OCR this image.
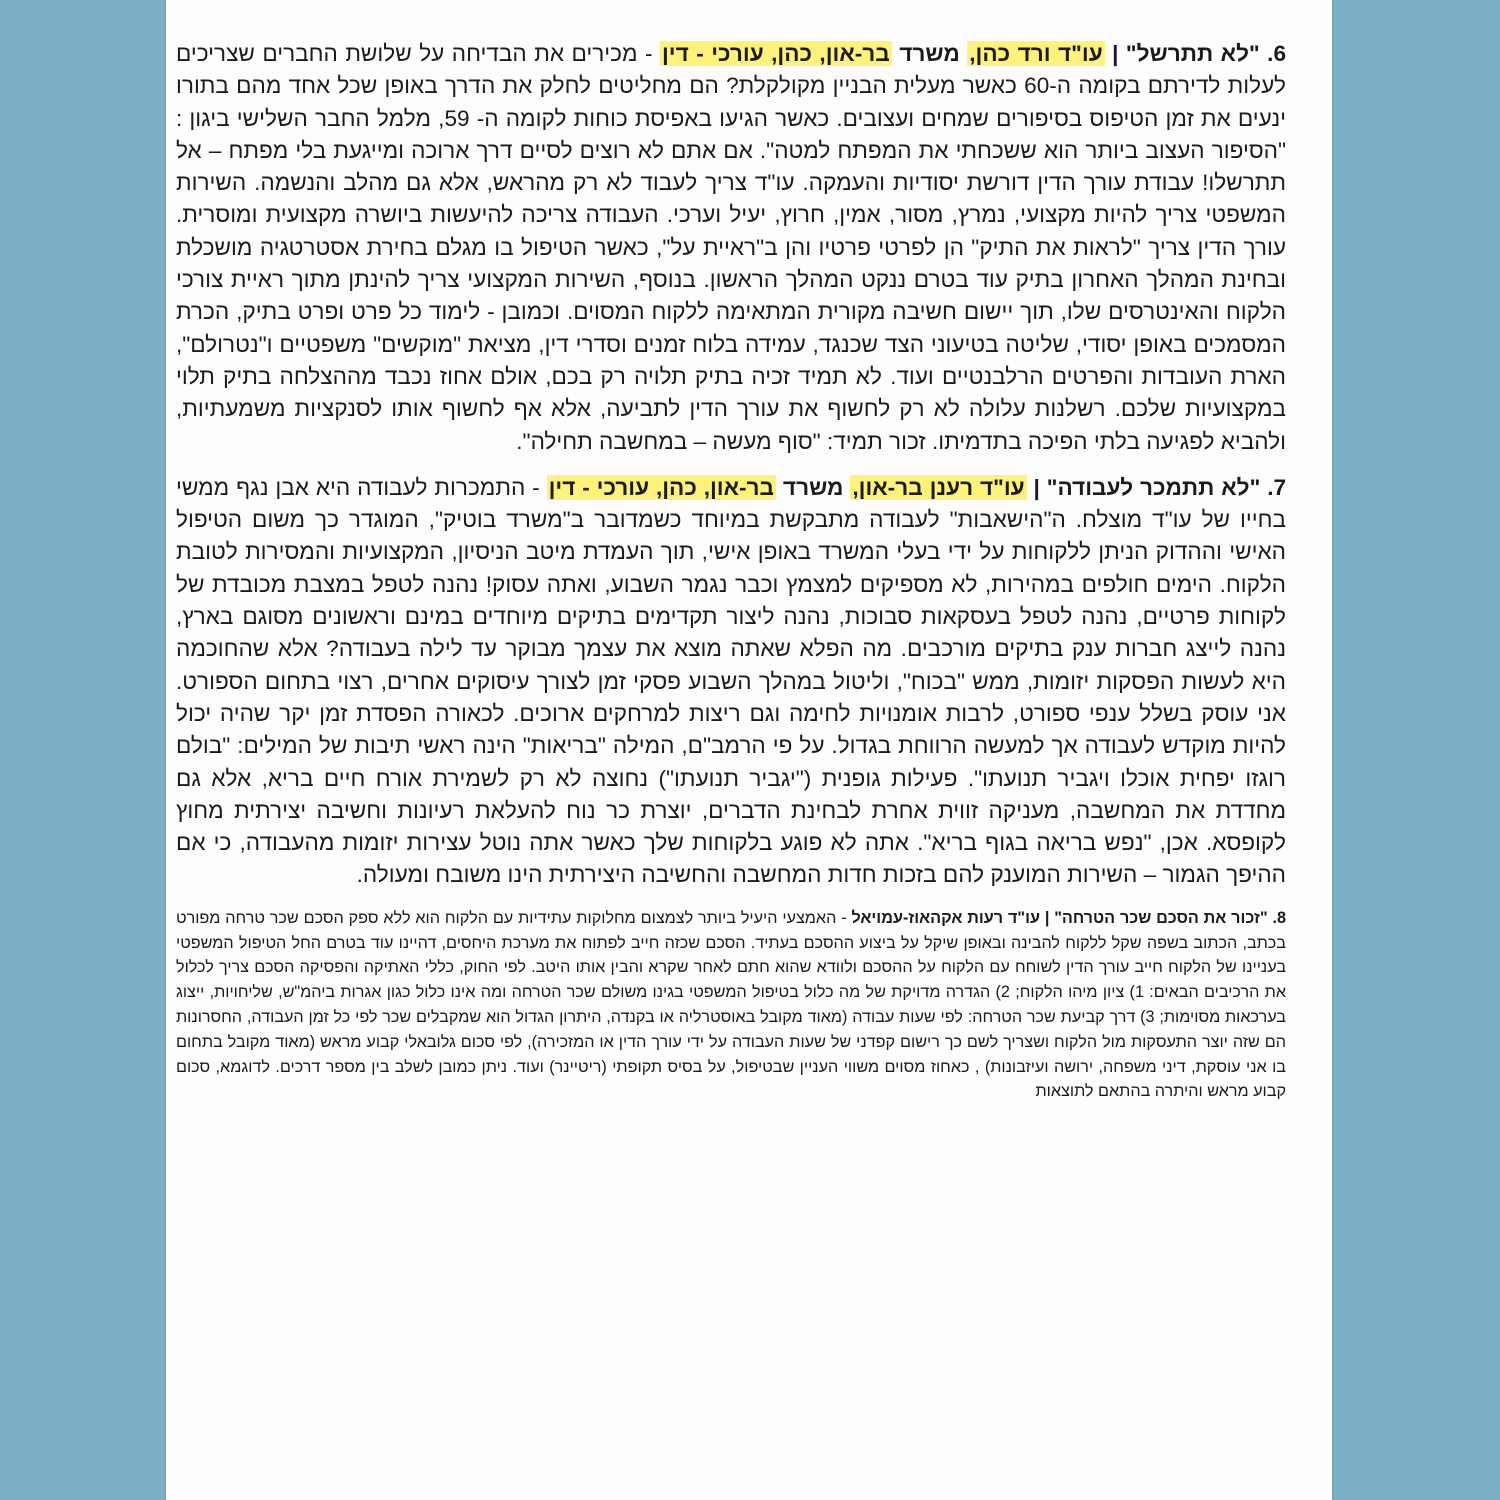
6. "לא תתרשל" | עו"ד ורד כהן, משרד בר-און, כהן, עורכי - דין - מכירים את הבדיחה על שלושת החברים שצריכים לעלות לדירתם בקומה ה-60 כאשר מעלית הבניין מקולקלת? הם מחליטים לחלק את הדרך באופן שכל אחד מהם בתורו ינעים את זמן הטיפוס בסיפורים שמחים ועצובים. כאשר הגיעו באפיסת כוחות לקומה ה- 59, מלמל החבר השלישי ביגון : "הסיפור העצוב ביותר הוא ששכחתי את המפתח למטה". אם אתם לא רוצים לסיים דרך ארוכה ומייגעת בלי מפתח – אל תתרשלו! עבודת עורך הדין דורשת יסודיות והעמקה. עו"ד צריך לעבוד לא רק מהראש, אלא גם מהלב והנשמה. השירות המשפטי צריך להיות מקצועי, נמרץ, מסור, אמין, חרוץ, יעיל וערכי. העבודה צריכה להיעשות ביושרה מקצועית ומוסרית. עורך הדין צריך "לראות את התיק" הן לפרטי פרטיו והן ב"ראיית על", כאשר הטיפול בו מגלם בחירת אסטרטגיה מושכלת ובחינת המהלך האחרון בתיק עוד בטרם ננקט המהלך הראשון. בנוסף, השירות המקצועי צריך להינתן מתוך ראיית צורכי הלקוח והאינטרסים שלו, תוך יישום חשיבה מקורית המתאימה ללקוח המסוים. וכמובן - לימוד כל פרט ופרט בתיק, הכרת המסמכים באופן יסודי, שליטה בטיעוני הצד שכנגד, עמידה בלוח זמנים וסדרי דין, מציאת "מוקשים" משפטיים ו"נטרולם", הארת העובדות והפרטים הרלבנטיים ועוד. לא תמיד זכיה בתיק תלויה רק בכם, אולם אחוז נכבד מההצלחה בתיק תלוי במקצועיות שלכם. רשלנות עלולה לא רק לחשוף את עורך הדין לתביעה, אלא אף לחשוף אותו לסנקציות משמעתיות, ולהביא לפגיעה בלתי הפיכה בתדמיתו. זכור תמיד: "סוף מעשה – במחשבה תחילה".

7. "לא תתמכר לעבודה" | עו"ד רענן בר-און, משרד בר-און, כהן, עורכי - דין - התמכרות לעבודה היא אבן נגף ממשי בחייו של עו"ד מוצלח. ה"הישאבות" לעבודה מתבקשת במיוחד כשמדובר ב"משרד בוטיק", המוגדר כך משום הטיפול האישי וההדוק הניתן ללקוחות על ידי בעלי המשרד באופן אישי, תוך העמדת מיטב הניסיון, המקצועיות והמסירות לטובת הלקוח. הימים חולפים במהירות, לא מספיקים למצמץ וכבר נגמר השבוע, ואתה עסוק! נהנה לטפל במצבת מכובדת של לקוחות פרטיים, נהנה לטפל בעסקאות סבוכות, נהנה ליצור תקדימים בתיקים מיוחדים במינם וראשונים מסוגם בארץ, נהנה לייצג חברות ענק בתיקים מורכבים. מה הפלא שאתה מוצא את עצמך מבוקר עד לילה בעבודה? אלא שהחוכמה היא לעשות הפסקות יזומות, ממש "בכוח", וליטול במהלך השבוע פסקי זמן לצורך עיסוקים אחרים, רצוי בתחום הספורט. אני עוסק בשלל ענפי ספורט, לרבות אומנויות לחימה וגם ריצות למרחקים ארוכים. לכאורה הפסדת זמן יקר שהיה יכול להיות מוקדש לעבודה אך למעשה הרווחת בגדול. על פי הרמב"ם, המילה "בריאות" הינה ראשי תיבות של המילים: "בולם רוגזו יפחית אוכלו ויגביר תנועתו". פעילות גופנית ("יגביר תנועתו") נחוצה לא רק לשמירת אורח חיים בריא, אלא גם מחדדת את המחשבה, מעניקה זווית אחרת לבחינת הדברים, יוצרת כר נוח להעלאת רעיונות וחשיבה יצירתית מחוץ לקופסא. אכן, "נפש בריאה בגוף בריא". אתה לא פוגע בלקוחות שלך כאשר אתה נוטל עצירות יזומות מהעבודה, כי אם ההיפך הגמור – השירות המוענק להם בזכות חדות המחשבה והחשיבה היצירתית הינו משובח ומעולה.

8. "זכור את הסכם שכר הטרחה" | עו"ד רעות אקהאוז-עמויאל - האמצעי היעיל ביותר לצמצום מחלוקות עתידיות עם הלקוח הוא ללא ספק הסכם שכר טרחה מפורט בכתב, הכתוב בשפה שקל ללקוח להבינה ובאופן שיקל על ביצוע ההסכם בעתיד. הסכם שכזה חייב לפתוח את מערכת היחסים, דהיינו עוד בטרם החל הטיפול המשפטי בעניינו של הלקוח חייב עורך הדין לשוחח עם הלקוח על ההסכם ולוודא שהוא חתם לאחר שקרא והבין אותו היטב. לפי החוק, כללי האתיקה והפסיקה הסכם צריך לכלול את הרכיבים הבאים: 1) ציון מיהו הלקוח; 2) הגדרה מדויקת של מה כלול בטיפול המשפטי בגינו משולם שכר הטרחה ומה אינו כלול כגון אגרות ביהמ"ש, שליחויות, ייצוג בערכאות מסוימות; 3) דרך קביעת שכר הטרחה: לפי שעות עבודה (מאוד מקובל באוסטרליה או בקנדה, היתרון הגדול הוא שמקבלים שכר לפי כל זמן העבודה, החסרונות הם שזה יוצר התעסקות מול הלקוח ושצריך לשם כך רישום קפדני של שעות העבודה על ידי עורך הדין או המזכירה), לפי סכום גלובאלי קבוע מראש (מאוד מקובל בתחום בו אני עוסקת, דיני משפחה, ירושה ועיזבונות) , כאחוז מסוים משווי העניין שבטיפול, על בסיס תקופתי (ריטיינר) ועוד. ניתן כמובן לשלב בין מספר דרכים. לדוגמא, סכום קבוע מראש והיתרה בהתאם לתוצאות
